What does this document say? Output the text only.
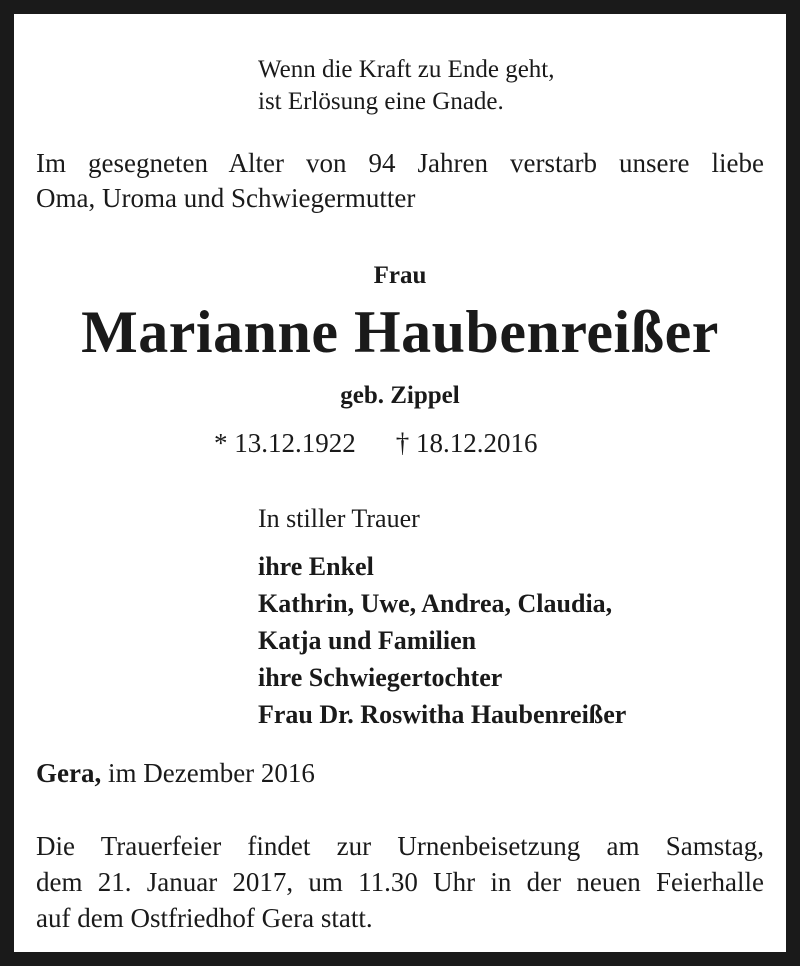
Wenn die Kraft zu Ende geht,
ist Erlösung eine Gnade.
Im gesegneten Alter von 94 Jahren verstarb unsere liebe
Oma, Uroma und Schwiegermutter
Frau
Marianne Haubenreißer
geb. Zippel
* 13.12.1922 † 18.12.2016
In stiller Trauer
ihre Enkel
Kathrin, Uwe, Andrea, Claudia,
Katja und Familien
ihre Schwiegertochter
Frau Dr. Roswitha Haubenreißer
Gera, im Dezember 2016
Die Trauerfeier findet zur Urnenbeisetzung am Samstag,
dem 21. Januar 2017, um 11.30 Uhr in der neuen Feierhalle
auf dem Ostfriedhof Gera statt.
